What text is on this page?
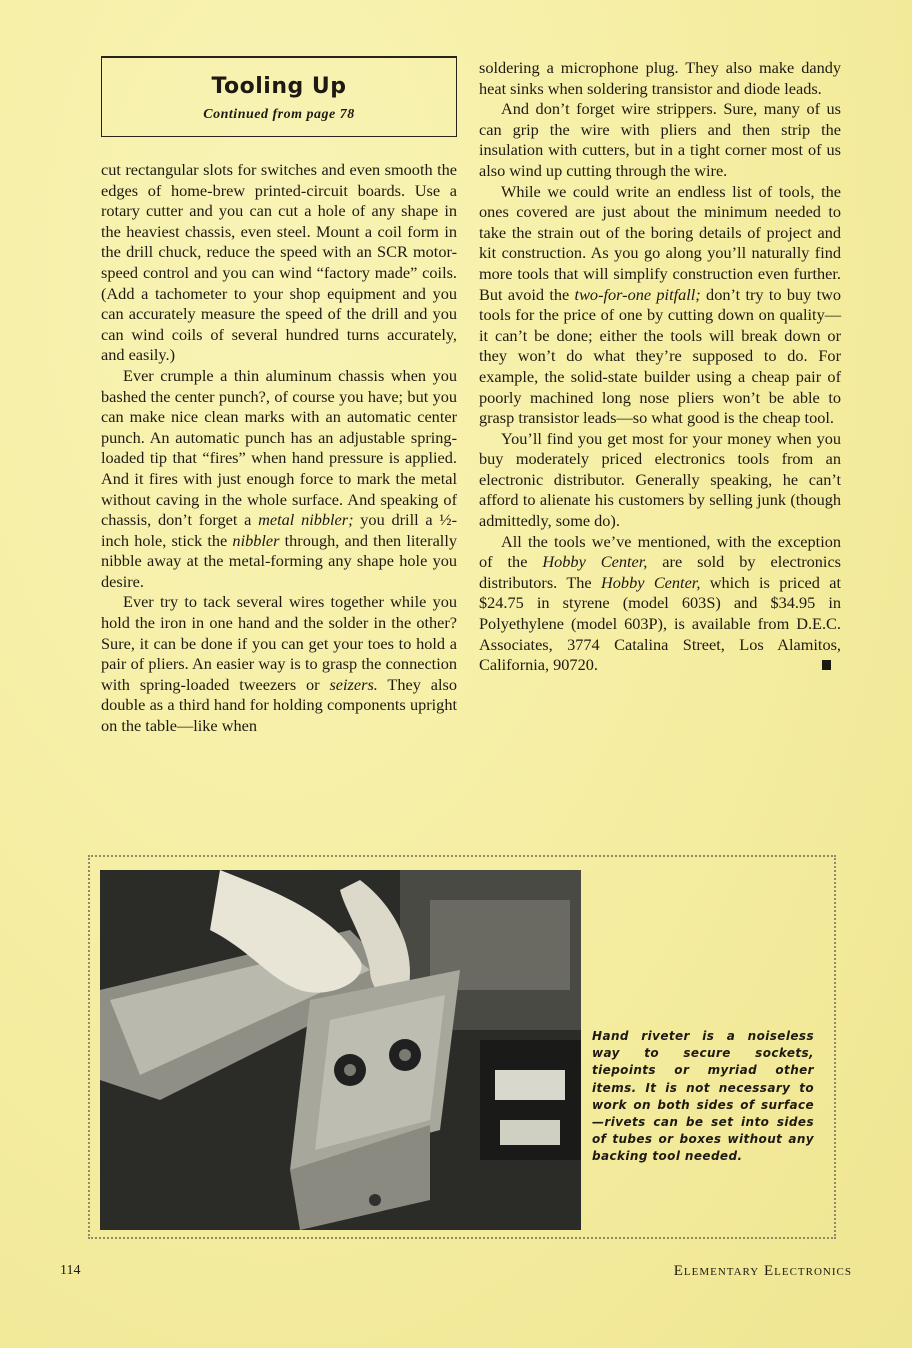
Tooling Up
Continued from page 78

cut rectangular slots for switches and even smooth the edges of home-brew printed-circuit boards. Use a rotary cutter and you can cut a hole of any shape in the heaviest chassis, even steel. Mount a coil form in the drill chuck, reduce the speed with an SCR motor-speed control and you can wind “factory made” coils. (Add a tachometer to your shop equipment and you can accurately measure the speed of the drill and you can wind coils of several hundred turns accurately, and easily.)

Ever crumple a thin aluminum chassis when you bashed the center punch?, of course you have; but you can make nice clean marks with an automatic center punch. An automatic punch has an adjustable spring-loaded tip that “fires” when hand pressure is applied. And it fires with just enough force to mark the metal without caving in the whole surface. And speaking of chassis, don’t forget a metal nibbler; you drill a ½-inch hole, stick the nibbler through, and then literally nibble away at the metal-forming any shape hole you desire.

Ever try to tack several wires together while you hold the iron in one hand and the solder in the other? Sure, it can be done if you can get your toes to hold a pair of pliers. An easier way is to grasp the connection with spring-loaded tweezers or seizers. They also double as a third hand for holding components upright on the table—like when

soldering a microphone plug. They also make dandy heat sinks when soldering transistor and diode leads.

And don’t forget wire strippers. Sure, many of us can grip the wire with pliers and then strip the insulation with cutters, but in a tight corner most of us also wind up cutting through the wire.

While we could write an endless list of tools, the ones covered are just about the minimum needed to take the strain out of the boring details of project and kit construction. As you go along you’ll naturally find more tools that will simplify construction even further. But avoid the two-for-one pitfall; don’t try to buy two tools for the price of one by cutting down on quality—it can’t be done; either the tools will break down or they won’t do what they’re supposed to do. For example, the solid-state builder using a cheap pair of poorly machined long nose pliers won’t be able to grasp transistor leads—so what good is the cheap tool.

You’ll find you get most for your money when you buy moderately priced electronics tools from an electronic distributor. Generally speaking, he can’t afford to alienate his customers by selling junk (though admittedly, some do).

All the tools we’ve mentioned, with the exception of the Hobby Center, are sold by electronics distributors. The Hobby Center, which is priced at $24.75 in styrene (model 603S) and $34.95 in Polyethylene (model 603P), is available from D.E.C. Associates, 3774 Catalina Street, Los Alamitos, California, 90720.

Hand riveter is a noiseless way to secure sockets, tiepoints or myriad other items. It is not necessary to work on both sides of surface—rivets can be set into sides of tubes or boxes without any backing tool needed.
114	Elementary Electronics
